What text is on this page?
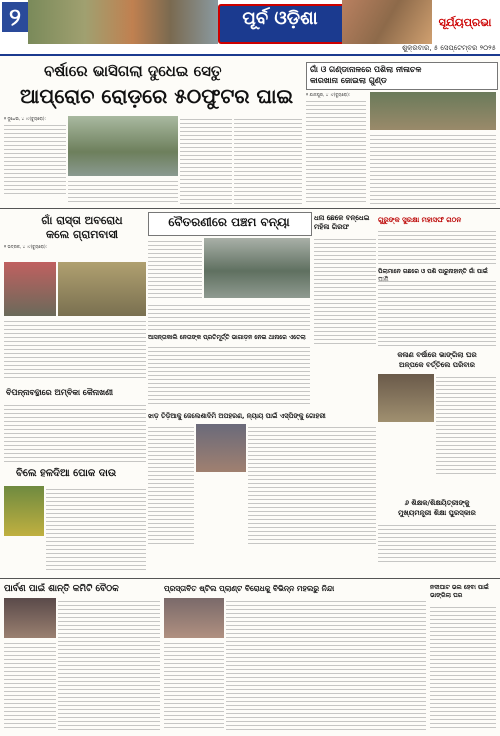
୨	ପୂର୍ବ ଓଡ଼ିଶା	ସୂର୍ଯ୍ୟପ୍ରଭା
ଶୁକ୍ରବାର, ୫ ସେପ୍ଟେମ୍ବର ୨୦୨୫
ବର୍ଷାରେ ଭାସିଗଲା ଦୁଧେଇ ସେତୁ
ଆପ୍ରୋଚ ରୋଡ଼ରେ ୫୦ଫୁଟର ଘାଇ

୧ ଦୁଧେଇ, ୪ ।୯(ବ୍ୟୁରୋ):

ଗାଁ ଓ ଗଣ୍ଡାନାଳରେ ପଶିଲା ନୀଳାଚଳ
କାରଖାନା ଜୋଇଲା ଗୁଣ୍ଡ

୧ ଯାଜପୁର, ୪ ।୯(ବ୍ୟୁରୋ):

ଗାଁ ରାସ୍ତା ଅବରୋଧ
କଲେ ଗ୍ରାମବାସୀ

୧ ଭଦ୍ରକ, ୪ ।୯(ବ୍ୟୁରୋ):

ବୈତରଣୀରେ ପଞ୍ଚମ ବନ୍ୟା	ଧନା ଛେଳେ ବନ୍ଧେଇ
ମହିଳା ଗିରଫ
ଗୁରୁଙ୍କ ସୁରକ୍ଷା ମହାସଙ୍ଘ ଗଠନ
ପିଲାମାନେ ଗଛରେ ଓ ପଶି ପାରୁନାହାନ୍ତି ଗାଁ ପାଇଁ
ଆସନ୍ତାକାଲି ନେତାଙ୍କ ପ୍ରତିମୂର୍ତ୍ତି ଭାଗାଡ଼ନ ନେଇ ଥାନାରେ ଏତେଲା
ବିପନ୍ନାବନ୍ଥାରେ ଅମ୍ବିକା କୈନାଖଣୀ
କଳାଣ ବର୍ଷାରେ ଭାଙ୍ଗିଲା ଘର
ଅଳ୍ପକେ ବର୍ତ୍ତିଲେ ପରିବାର
ଝାଡ଼ ତିଡ଼ିଆକୁ ଜେଲେଶାଦିମି ଅପହରଣ, ନ୍ୟାୟ ପାଇଁ ଏସ୍ପିଙ୍କୁ ଗୋହରୀ
ବିଲେ ହଳଦିଆ ପୋକ ଦାଉ
୬ ଶିକ୍ଷକ/ଶିକ୍ଷୟିତ୍ରୀଙ୍କୁ
ମୁଖ୍ୟମନ୍ତ୍ରୀ ଶିକ୍ଷା ପୁରସ୍କାର
ପାର୍ବଣ ପାଇଁ ଶାନ୍ତି କମିଟି ବୈଠକ	ପ୍ରସ୍ତାବିତ ଷ୍ଟିଲ ପ୍ଲାଣ୍ଟ ବିରୋଧକୁ ବିଭିନ୍ନ ମହଲରୁ ନିନ୍ଦା	ନଦୀଘାଟ ଭଲ ହେବା ପାଇଁ
ଭାଙ୍ଗିଲା ଘର
